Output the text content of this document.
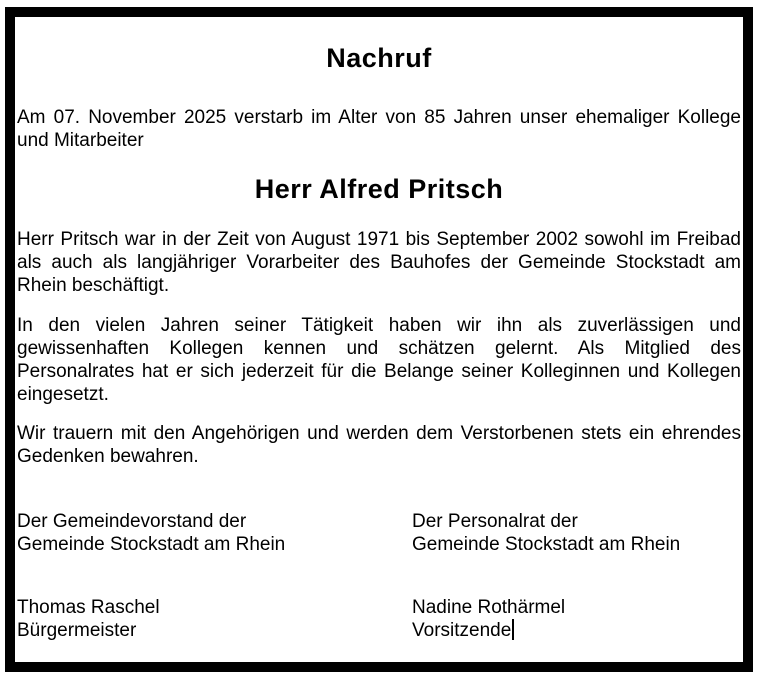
Nachruf
Am 07. November 2025 verstarb im Alter von 85 Jahren unser ehemaliger Kollege
und Mitarbeiter
Herr Alfred Pritsch
Herr Pritsch war in der Zeit von August 1971 bis September 2002 sowohl im Freibad
als auch als langjähriger Vorarbeiter des Bauhofes der Gemeinde Stockstadt am
Rhein beschäftigt.
In den vielen Jahren seiner Tätigkeit haben wir ihn als zuverlässigen und
gewissenhaften Kollegen kennen und schätzen gelernt. Als Mitglied des
Personalrates hat er sich jederzeit für die Belange seiner Kolleginnen und Kollegen
eingesetzt.
Wir trauern mit den Angehörigen und werden dem Verstorbenen stets ein ehrendes
Gedenken bewahren.
Der Gemeindevorstand der
Gemeinde Stockstadt am Rhein
Der Personalrat der
Gemeinde Stockstadt am Rhein
Thomas Raschel
Bürgermeister
Nadine Rothärmel
Vorsitzende
